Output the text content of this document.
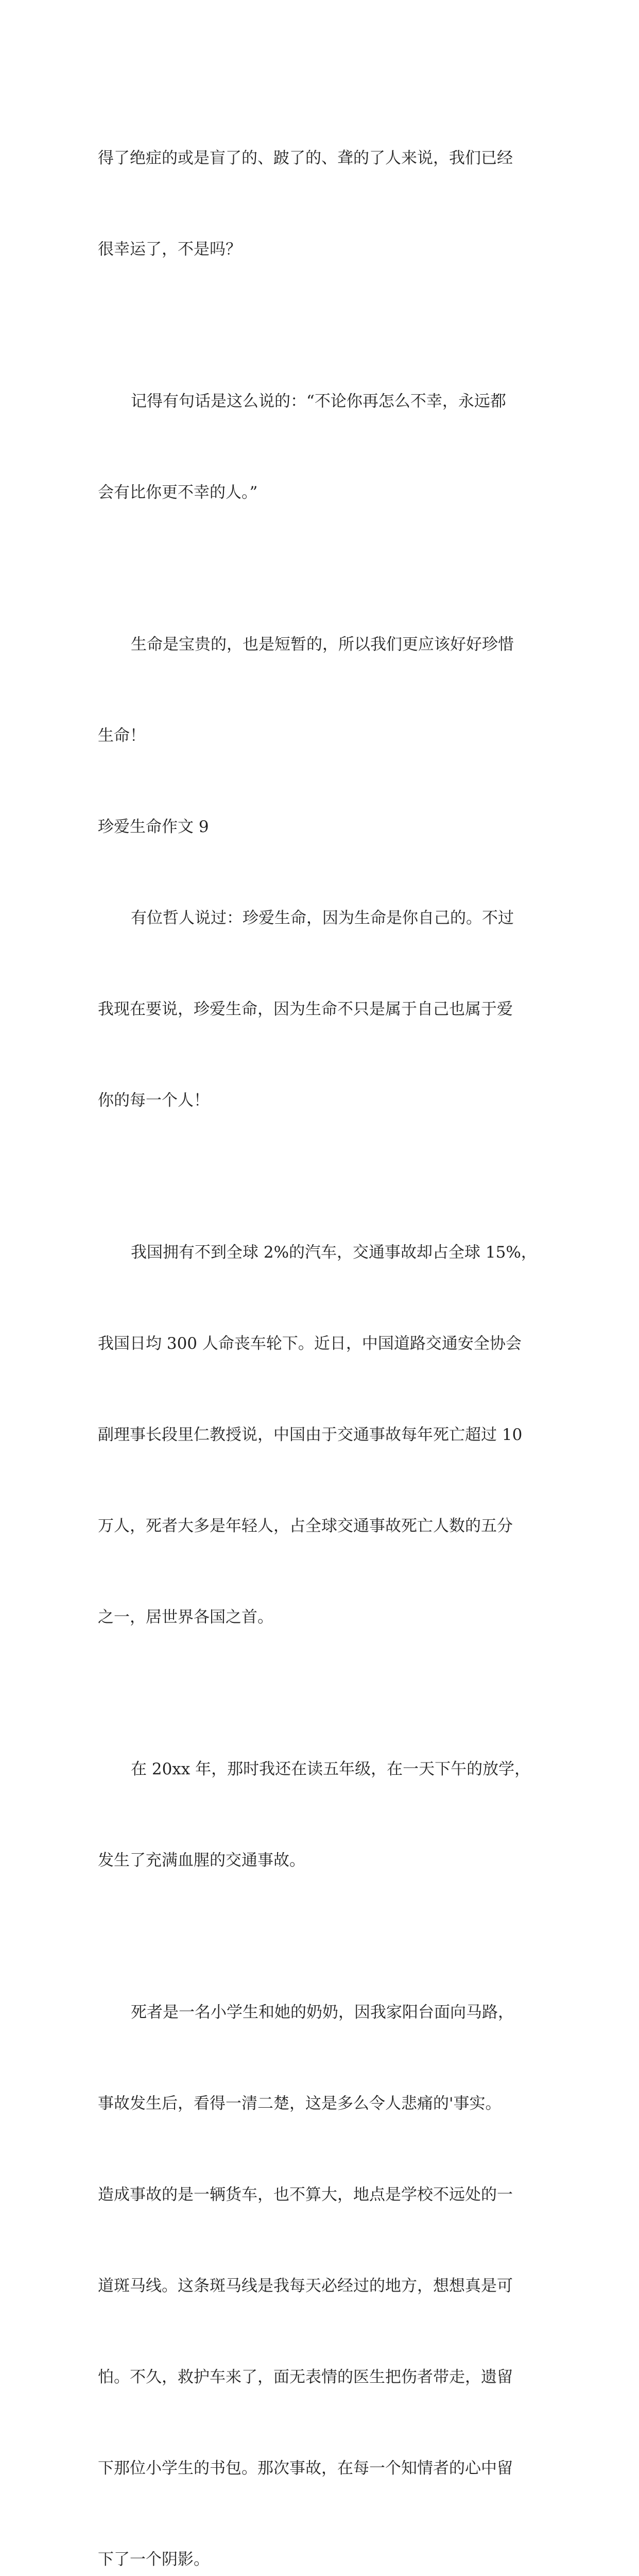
得了绝症的或是盲了的、跛了的、聋的了人来说，我们已经

很幸运了，不是吗？

记得有句话是这么说的：“不论你再怎么不幸，永远都

会有比你更不幸的人。”

生命是宝贵的，也是短暂的，所以我们更应该好好珍惜

生命！

珍爱生命作文 9

有位哲人说过：珍爱生命，因为生命是你自己的。不过

我现在要说，珍爱生命，因为生命不只是属于自己也属于爱

你的每一个人！

我国拥有不到全球 2%的汽车，交通事故却占全球 15%，

我国日均 300 人命丧车轮下。近日，中国道路交通安全协会

副理事长段里仁教授说，中国由于交通事故每年死亡超过 10

万人，死者大多是年轻人，占全球交通事故死亡人数的五分

之一，居世界各国之首。

在 20xx 年，那时我还在读五年级，在一天下午的放学，

发生了充满血腥的交通事故。

死者是一名小学生和她的奶奶，因我家阳台面向马路，

事故发生后，看得一清二楚，这是多么令人悲痛的'事实。

造成事故的是一辆货车，也不算大，地点是学校不远处的一

道斑马线。这条斑马线是我每天必经过的地方，想想真是可

怕。不久，救护车来了，面无表情的医生把伤者带走，遗留

下那位小学生的书包。那次事故，在每一个知情者的心中留

下了一个阴影。
